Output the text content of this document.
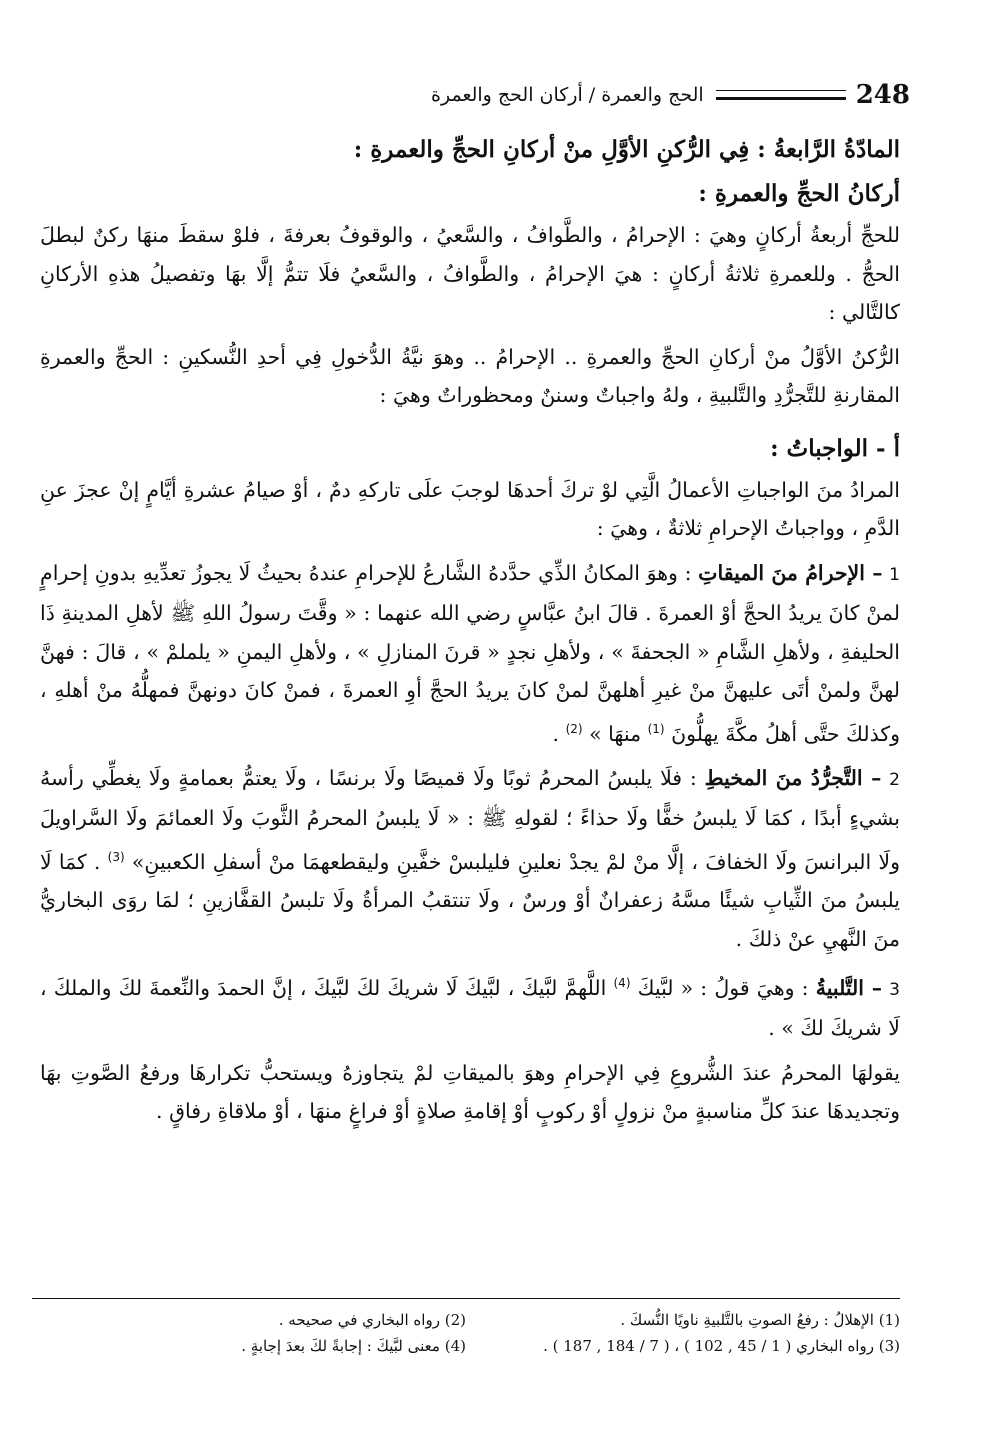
248
الحج والعمرة / أركان الحج والعمرة

المادّةُ الرَّابعةُ : فِي الرُّكنِ الأوَّلِ منْ أركانِ الحجِّ والعمرةِ :

أركانُ الحجِّ والعمرةِ :

للحجِّ أربعةُ أركانٍ وهيَ : الإحرامُ ، والطَّوافُ ، والسَّعيُ ، والوقوفُ بعرفةَ ، فلوْ سقطَ منهَا ركنٌ لبطلَ الحجُّ . وللعمرةِ ثلاثةُ أركانٍ : هيَ الإحرامُ ، والطَّوافُ ، والسَّعيُ فلَا تتمُّ إلَّا بهَا وتفصيلُ هذهِ الأركانِ كالتَّالي :

الرُّكنُ الأوَّلُ منْ أركانِ الحجِّ والعمرةِ .. الإحرامُ .. وهوَ نيَّةُ الدُّخولِ فِي أحدِ النُّسكينِ : الحجِّ والعمرةِ المقارنةِ للتَّجرُّدِ والتَّلبيةِ ، ولهُ واجباتٌ وسننٌ ومحظوراتٌ وهيَ :

أ - الواجباتُ :

المرادُ منَ الواجباتِ الأعمالُ الَّتِي لوْ تركَ أحدهَا لوجبَ علَى تاركهِ دمٌ ، أوْ صيامُ عشرةِ أيَّامٍ إنْ عجزَ عنِ الدَّمِ ، وواجباتُ الإحرامِ ثلاثةٌ ، وهيَ :

1 – الإحرامُ منَ الميقاتِ : وهوَ المكانُ الذِّي حدَّدهُ الشَّارعُ للإحرامِ عندهُ بحيثُ لَا يجوزُ تعدِّيهِ بدونِ إحرامٍ لمنْ كانَ يريدُ الحجَّ أوْ العمرةَ . قالَ ابنُ عبَّاسٍ رضي الله عنهما : « وقَّتَ رسولُ اللهِ ﷺ لأهلِ المدينةِ ذَا الحليفةِ ، ولأهلِ الشَّامِ « الجحفةَ » ، ولأهلِ نجدٍ « قرنَ المنازلِ » ، ولأهلِ اليمنِ « يلملمْ » ، قالَ : فهنَّ لهنَّ ولمنْ أتَى عليهنَّ منْ غيرِ أهلهنَّ لمنْ كانَ يريدُ الحجَّ أوِ العمرةَ ، فمنْ كانَ دونهنَّ فمهلُّهُ منْ أهلهِ ، وكذلكَ حتَّى أهلُ مكَّةَ يهلُّونَ $^{(1)}$ منهَا » $^{(2)}$ .

2 – التَّجرُّدُ منَ المخيطِ : فلَا يلبسُ المحرمُ ثوبًا ولَا قميصًا ولَا برنسًا ، ولَا يعتمُّ بعمامةٍ ولَا يغطِّي رأسهُ بشيءٍ أبدًا ، كمَا لَا يلبسُ خفًّا ولَا حذاءً ؛ لقولهِ ﷺ : « لَا يلبسُ المحرمُ الثَّوبَ ولَا العمائمَ ولَا السَّراويلَ ولَا البرانسَ ولَا الخفافَ ، إلَّا منْ لمْ يجدْ نعلينِ فليلبسْ خفَّينِ وليقطعهمَا منْ أسفلِ الكعبينِ» $^{(3)}$ . كمَا لَا يلبسُ منَ الثِّيابِ شيئًا مسَّهُ زعفرانٌ أوْ ورسٌ ، ولَا تنتقبُ المرأةُ ولَا تلبسُ القفَّازينِ ؛ لمَا روَى البخاريُّ منَ النَّهيِ عنْ ذلكَ .

3 – التَّلبيةُ : وهيَ قولُ : « لبَّيكَ $^{(4)}$ اللَّهمَّ لبَّيكَ ، لبَّيكَ لَا شريكَ لكَ لبَّيكَ ، إنَّ الحمدَ والنِّعمةَ لكَ والملكَ ، لَا شريكَ لكَ » .

يقولهَا المحرمُ عندَ الشُّروعِ فِي الإحرامِ وهوَ بالميقاتِ لمْ يتجاوزهُ ويستحبُّ تكرارهَا ورفعُ الصَّوتِ بهَا وتجديدهَا عندَ كلِّ مناسبةٍ منْ نزولٍ أوْ ركوبٍ أوْ إقامةِ صلاةٍ أوْ فراغٍ منهَا ، أوْ ملاقاةِ رفاقٍ .

(1) الإهلالُ : رفعُ الصوتِ بالتَّلبيةِ ناويًا النُّسكَ .
(2) رواه البخاري في صحيحه .
(3) رواه البخاري ( 1 / 45 , 102 ) ، ( 7 / 184 , 187 ) .
(4) معنى لبَّيكَ : إجابةً لكَ بعدَ إجابةٍ .
